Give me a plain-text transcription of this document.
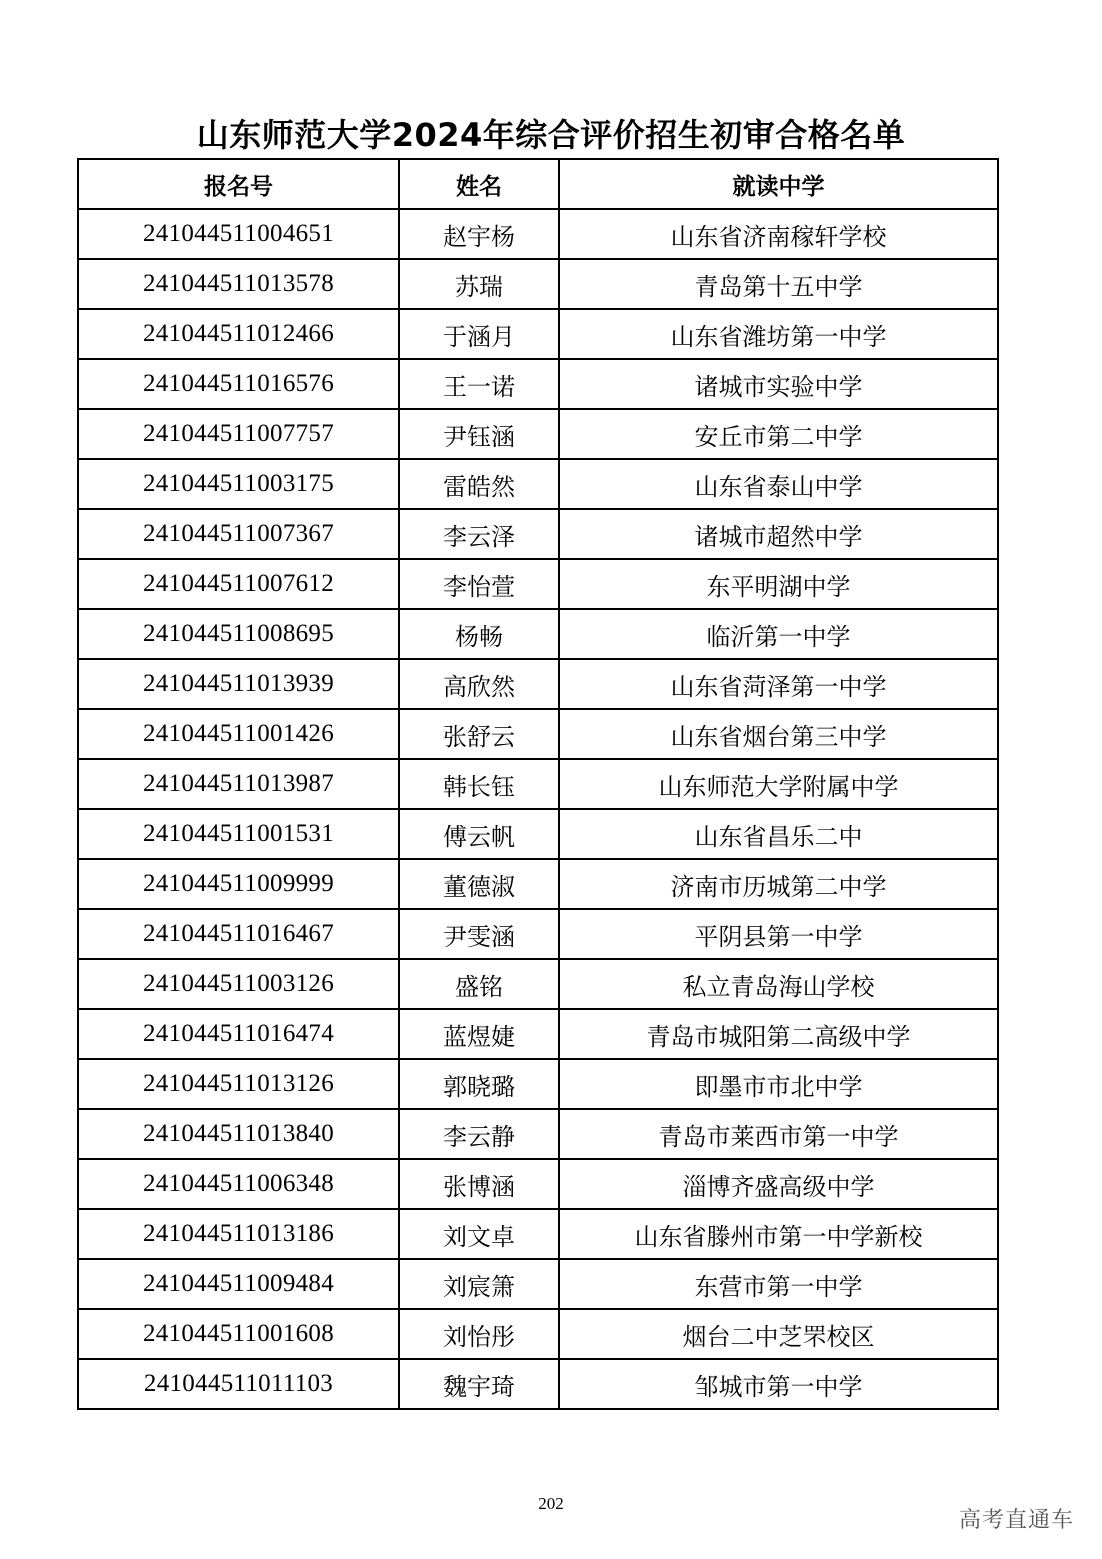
山东师范大学2024年综合评价招生初审合格名单
报名号	姓名	就读中学
241044511004651	赵宇杨	山东省济南稼轩学校
241044511013578	苏瑞	青岛第十五中学
241044511012466	于涵月	山东省潍坊第一中学
241044511016576	王一诺	诸城市实验中学
241044511007757	尹钰涵	安丘市第二中学
241044511003175	雷皓然	山东省泰山中学
241044511007367	李云泽	诸城市超然中学
241044511007612	李怡萱	东平明湖中学
241044511008695	杨畅	临沂第一中学
241044511013939	高欣然	山东省菏泽第一中学
241044511001426	张舒云	山东省烟台第三中学
241044511013987	韩长钰	山东师范大学附属中学
241044511001531	傅云帆	山东省昌乐二中
241044511009999	董德淑	济南市历城第二中学
241044511016467	尹雯涵	平阴县第一中学
241044511003126	盛铭	私立青岛海山学校
241044511016474	蓝煜婕	青岛市城阳第二高级中学
241044511013126	郭晓璐	即墨市市北中学
241044511013840	李云静	青岛市莱西市第一中学
241044511006348	张博涵	淄博齐盛高级中学
241044511013186	刘文卓	山东省滕州市第一中学新校
241044511009484	刘宸箫	东营市第一中学
241044511001608	刘怡彤	烟台二中芝罘校区
241044511011103	魏宇琦	邹城市第一中学
202
高考直通车
